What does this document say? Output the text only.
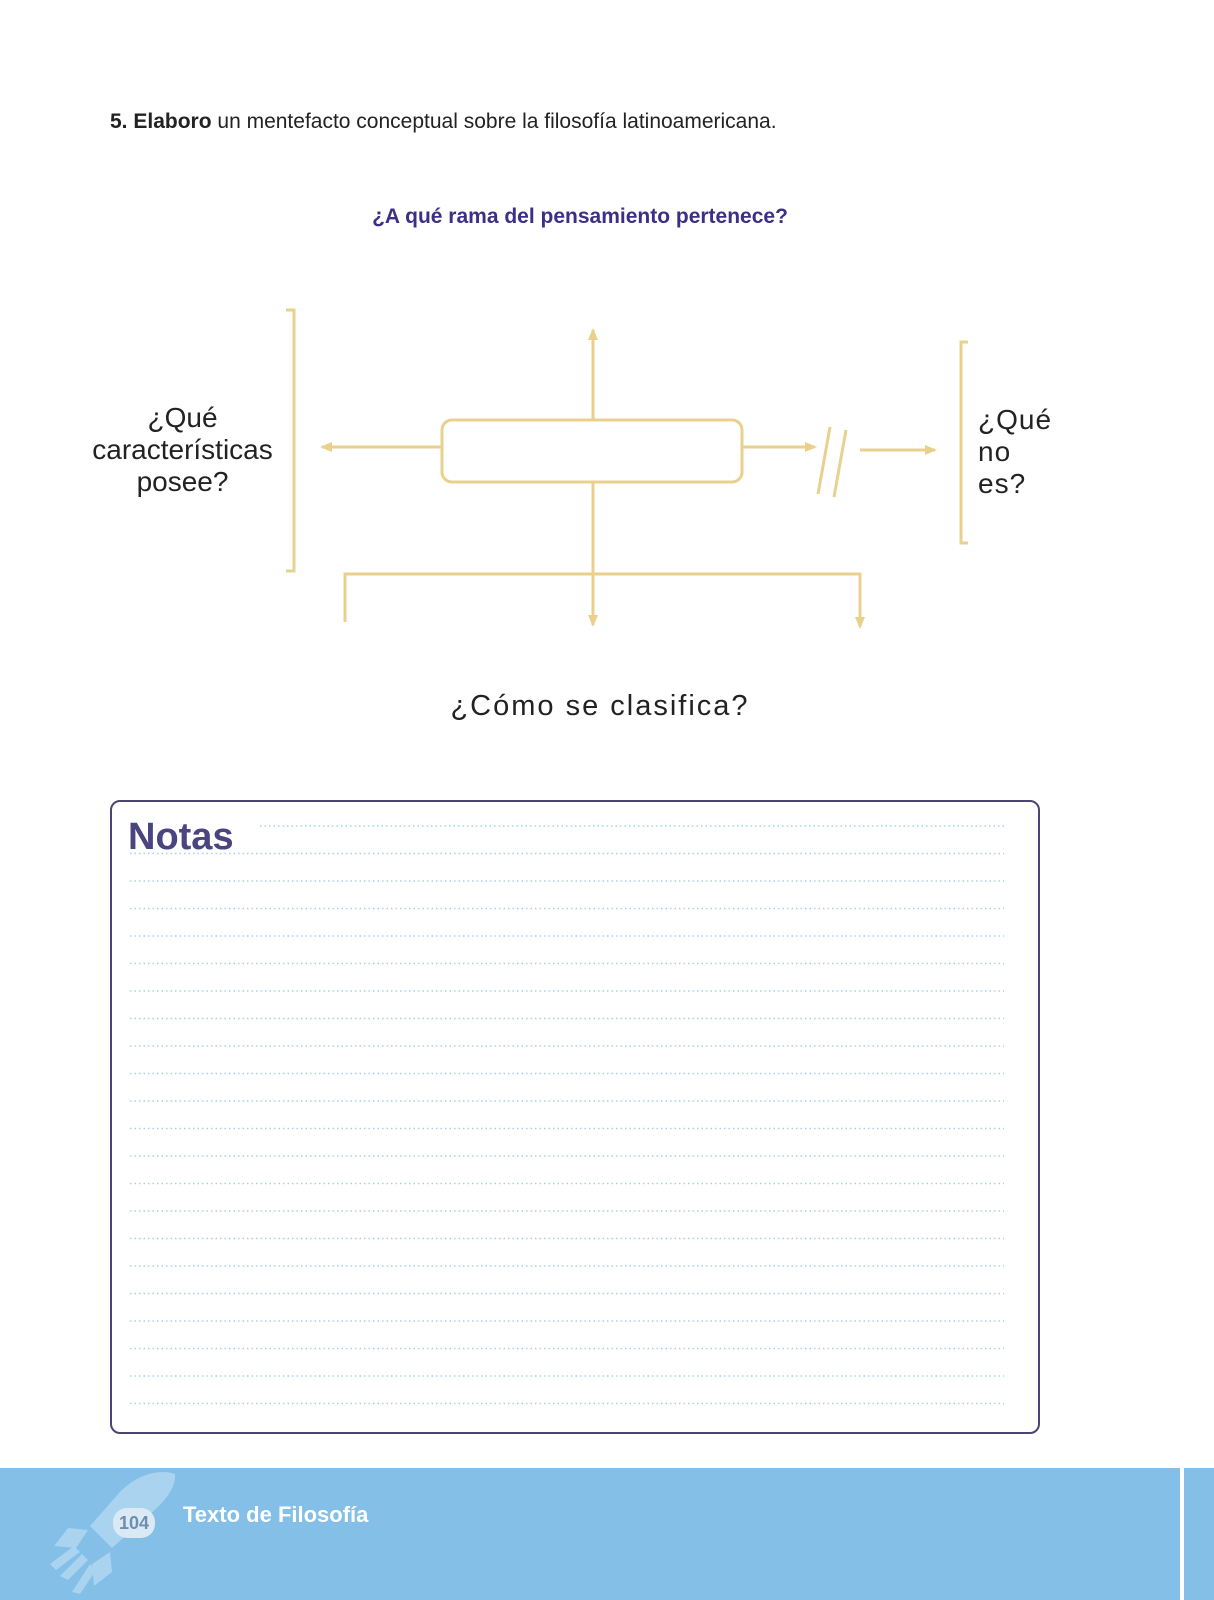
5. Elaboro un mentefacto conceptual sobre la filosofía latinoamericana.
¿A qué rama del pensamiento pertenece?
¿Qué
características
posee?
¿Qué
no
es?
¿Cómo se clasifica?
Notas
104 Texto de Filosofía
